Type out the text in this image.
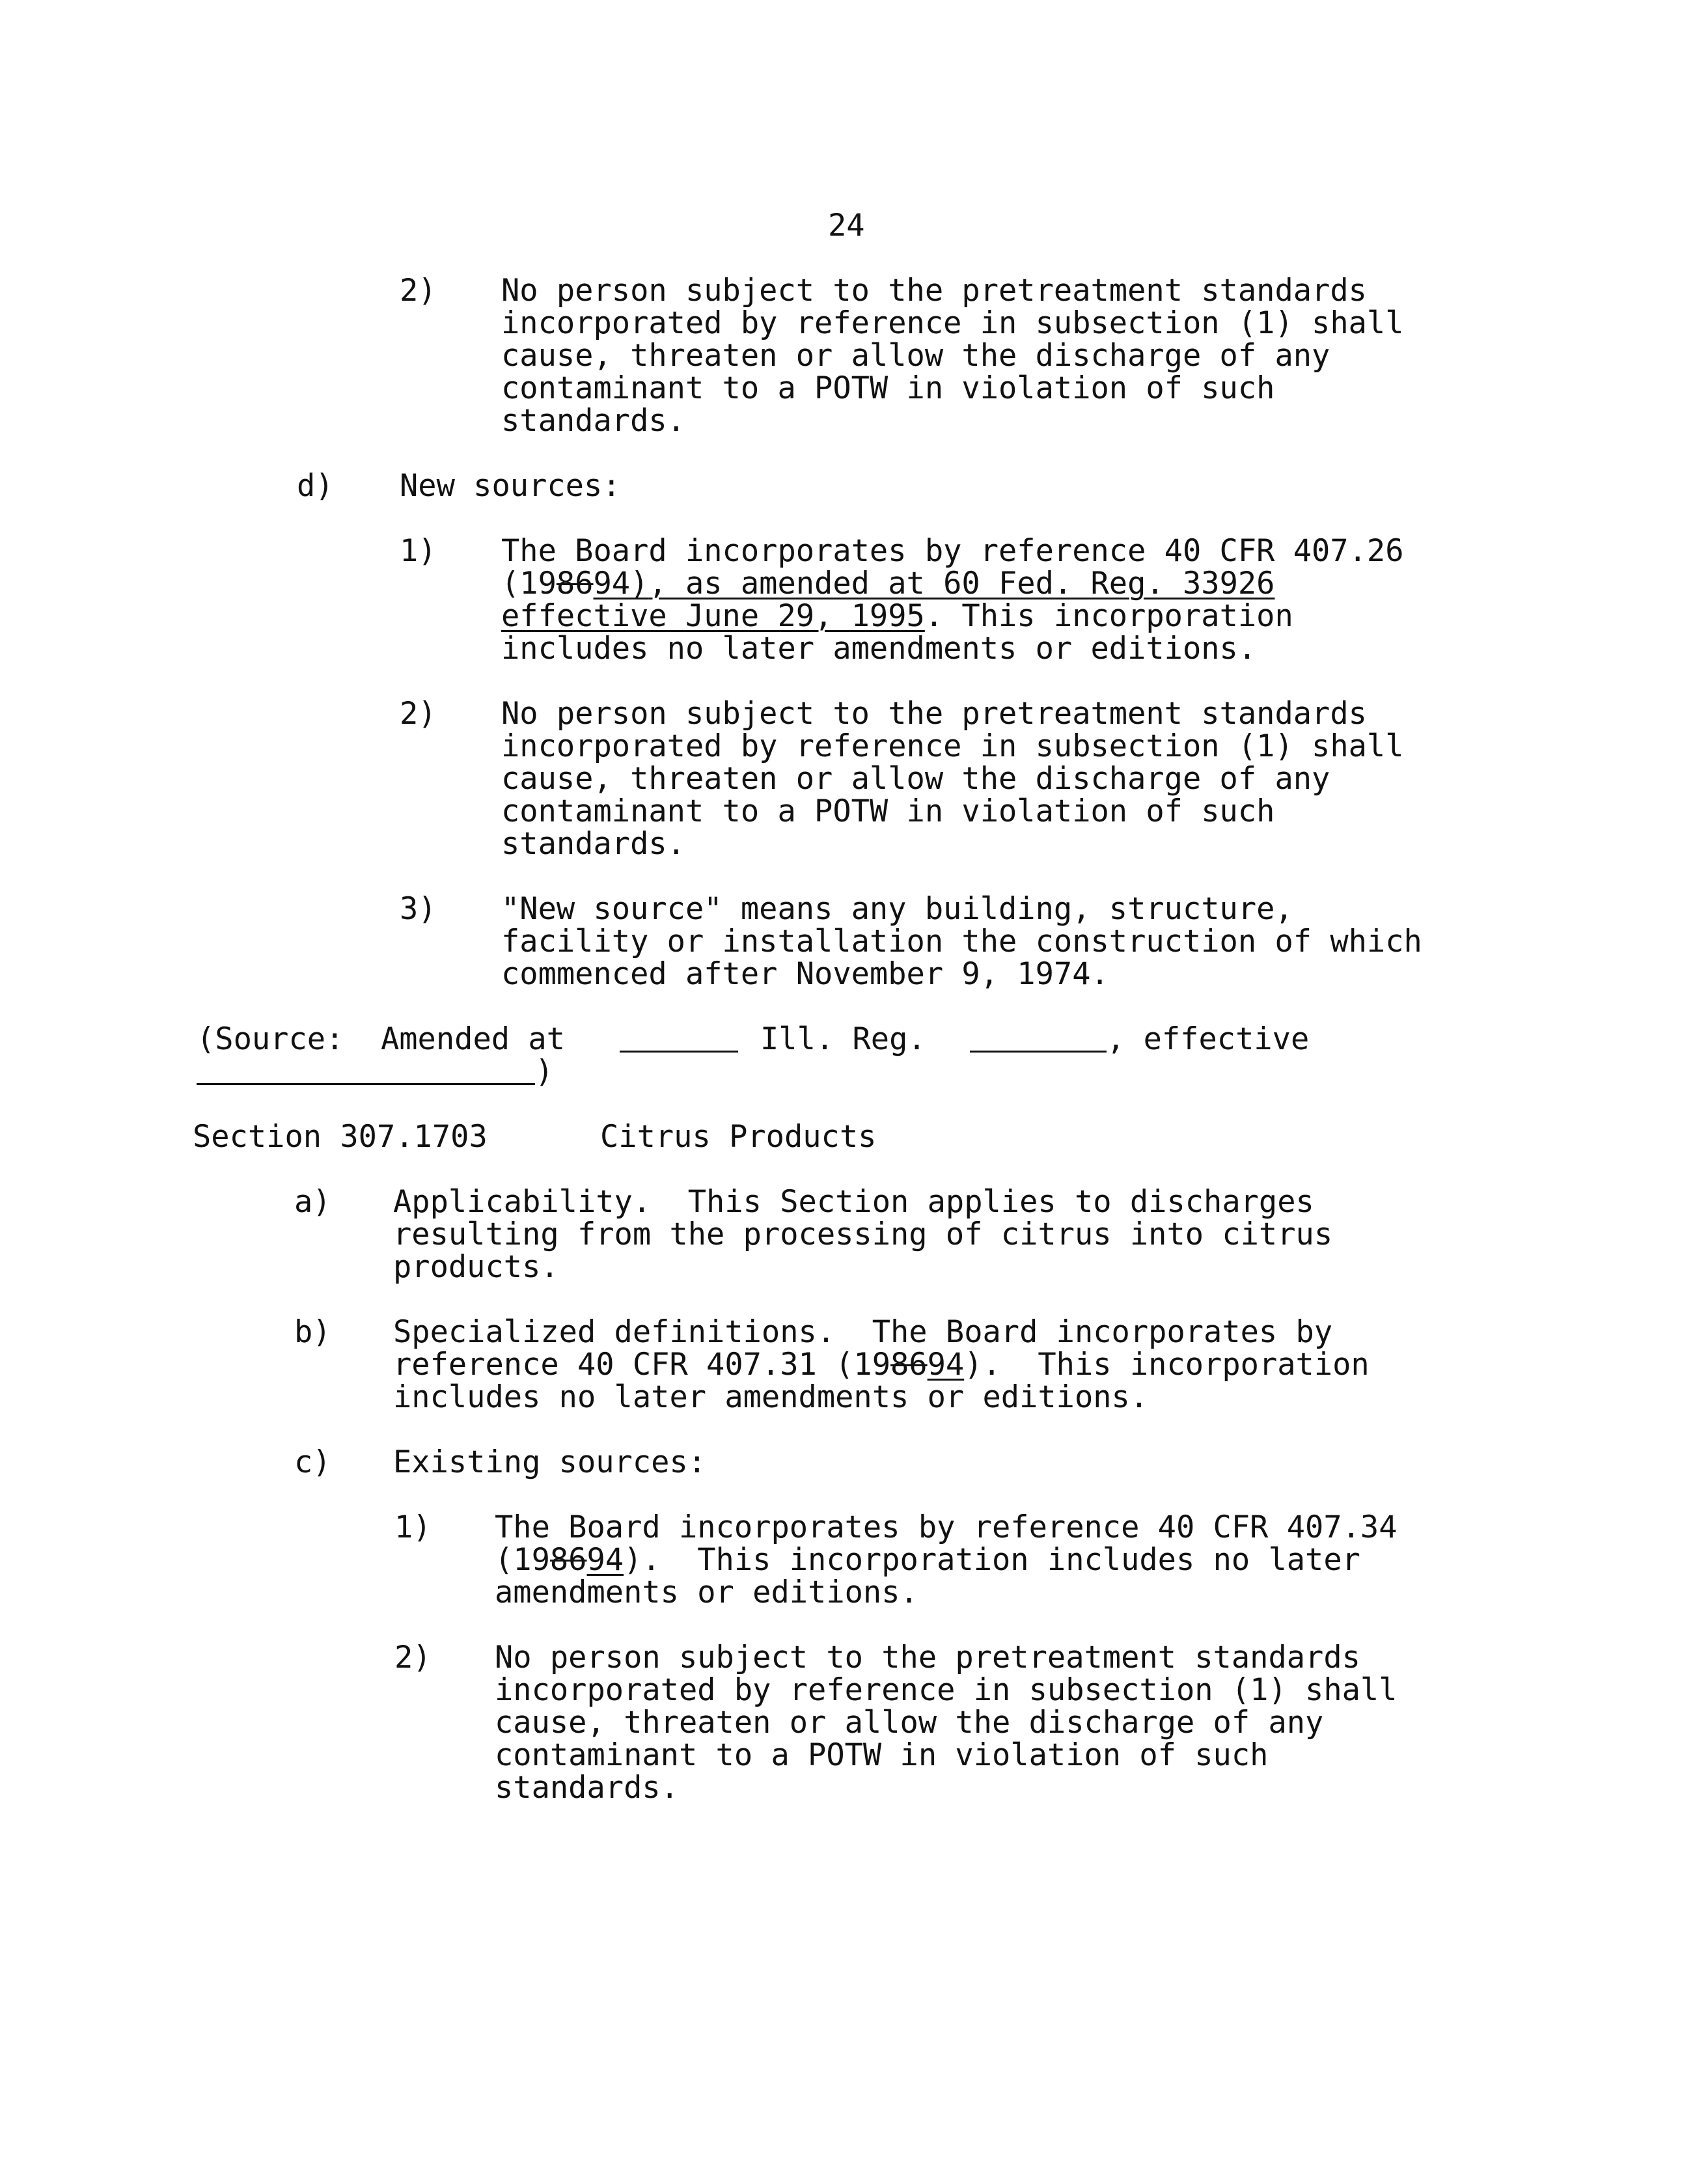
24
2) No person subject to the pretreatment standards
incorporated by reference in subsection (1) shall
cause, threaten or allow the discharge of any
contaminant to a POTW in violation of such
standards.
d) New sources:
1) The Board incorporates by reference 40 CFR 407.26
(198694), as amended at 60 Fed. Reg. 33926
effective June 29, 1995. This incorporation
includes no later amendments or editions.
2) No person subject to the pretreatment standards
incorporated by reference in subsection (1) shall
cause, threaten or allow the discharge of any
contaminant to a POTW in violation of such
standards.
3) "New source" means any building, structure,
facility or installation the construction of which
commenced after November 9, 1974.
(Source:  Amended at	Ill. Reg.	, effective
)
Section 307.1703	Citrus Products
a) Applicability.  This Section applies to discharges
resulting from the processing of citrus into citrus
products.
b) Specialized definitions.  The Board incorporates by
reference 40 CFR 407.31 (198694).  This incorporation
includes no later amendments or editions.
c) Existing sources:
1) The Board incorporates by reference 40 CFR 407.34
(198694).  This incorporation includes no later
amendments or editions.
2) No person subject to the pretreatment standards
incorporated by reference in subsection (1) shall
cause, threaten or allow the discharge of any
contaminant to a POTW in violation of such
standards.
